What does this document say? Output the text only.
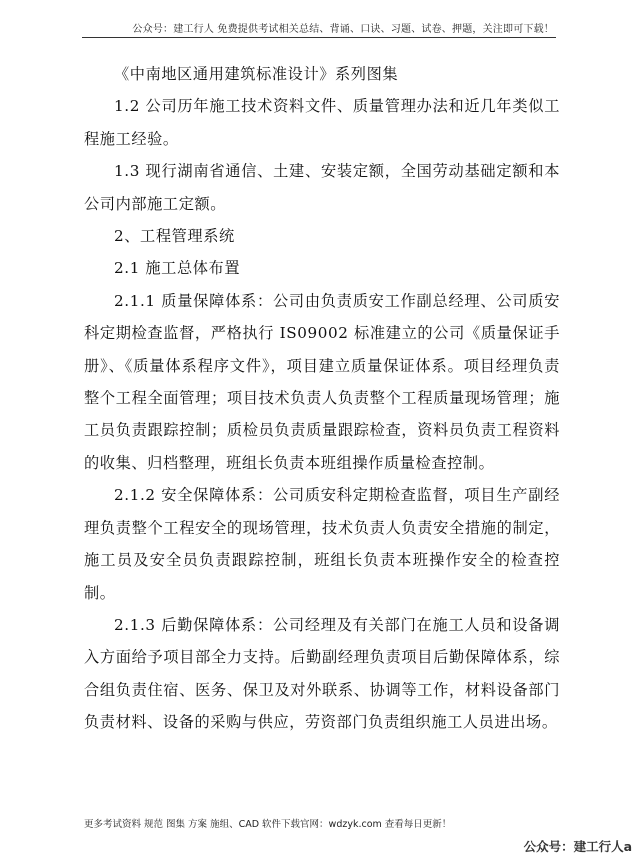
公众号：建工行人 免费提供考试相关总结、背诵、口诀、习题、试卷、押题，关注即可下载！

《中南地区通用建筑标准设计》系列图集

1.2 公司历年施工技术资料文件、质量管理办法和近几年类似工程施工经验。

1.3 现行湖南省通信、土建、安装定额，全国劳动基础定额和本公司内部施工定额。

2、工程管理系统

2.1 施工总体布置

2.1.1 质量保障体系：公司由负责质安工作副总经理、公司质安科定期检查监督，严格执行 IS09002 标准建立的公司《质量保证手册》、《质量体系程序文件》，项目建立质量保证体系。项目经理负责整个工程全面管理；项目技术负责人负责整个工程质量现场管理；施工员负责跟踪控制；质检员负责质量跟踪检查，资料员负责工程资料的收集、归档整理，班组长负责本班组操作质量检查控制。

2.1.2 安全保障体系：公司质安科定期检查监督，项目生产副经理负责整个工程安全的现场管理，技术负责人负责安全措施的制定，施工员及安全员负责跟踪控制，班组长负责本班操作安全的检查控制。

2.1.3 后勤保障体系：公司经理及有关部门在施工人员和设备调入方面给予项目部全力支持。后勤副经理负责项目后勤保障体系，综合组负责住宿、医务、保卫及对外联系、协调等工作，材料设备部门负责材料、设备的采购与供应，劳资部门负责组织施工人员进出场。

更多考试资料 规范 图集 方案 施组、CAD 软件下载官网：wdzyk.com 查看每日更新！
公众号：建工行人a
